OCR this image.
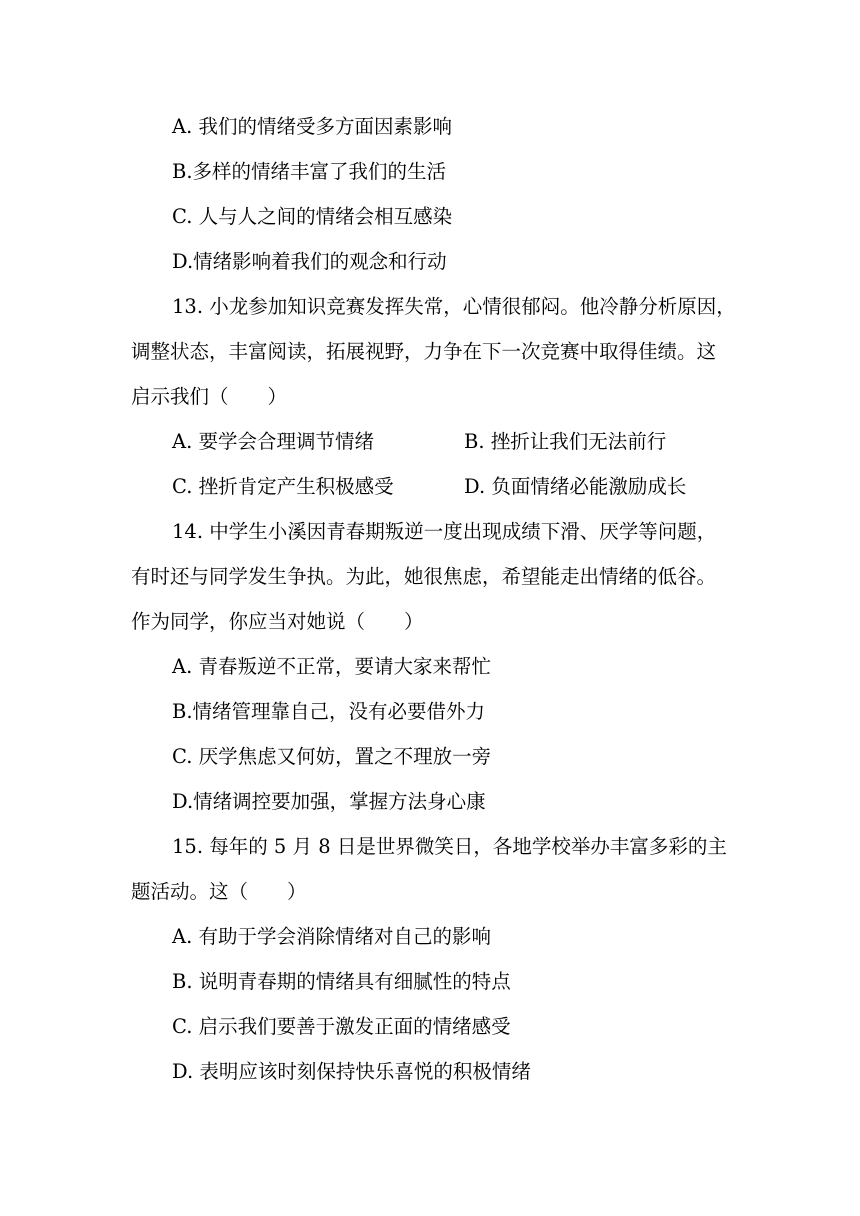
A. 我们的情绪受多方面因素影响
B.多样的情绪丰富了我们的生活
C. 人与人之间的情绪会相互感染
D.情绪影响着我们的观念和行动
13. 小龙参加知识竞赛发挥失常，心情很郁闷。他冷静分析原因，
调整状态，丰富阅读，拓展视野，力争在下一次竞赛中取得佳绩。这
启示我们（　　）
A. 要学会合理调节情绪	B. 挫折让我们无法前行
C. 挫折肯定产生积极感受	D. 负面情绪必能激励成长
14. 中学生小溪因青春期叛逆一度出现成绩下滑、厌学等问题，
有时还与同学发生争执。为此，她很焦虑，希望能走出情绪的低谷。
作为同学，你应当对她说（　　）
A. 青春叛逆不正常，要请大家来帮忙
B.情绪管理靠自己，没有必要借外力
C. 厌学焦虑又何妨，置之不理放一旁
D.情绪调控要加强，掌握方法身心康
15. 每年的 5 月 8 日是世界微笑日，各地学校举办丰富多彩的主
题活动。这（　　）
A. 有助于学会消除情绪对自己的影响
B. 说明青春期的情绪具有细腻性的特点
C. 启示我们要善于激发正面的情绪感受
D. 表明应该时刻保持快乐喜悦的积极情绪
